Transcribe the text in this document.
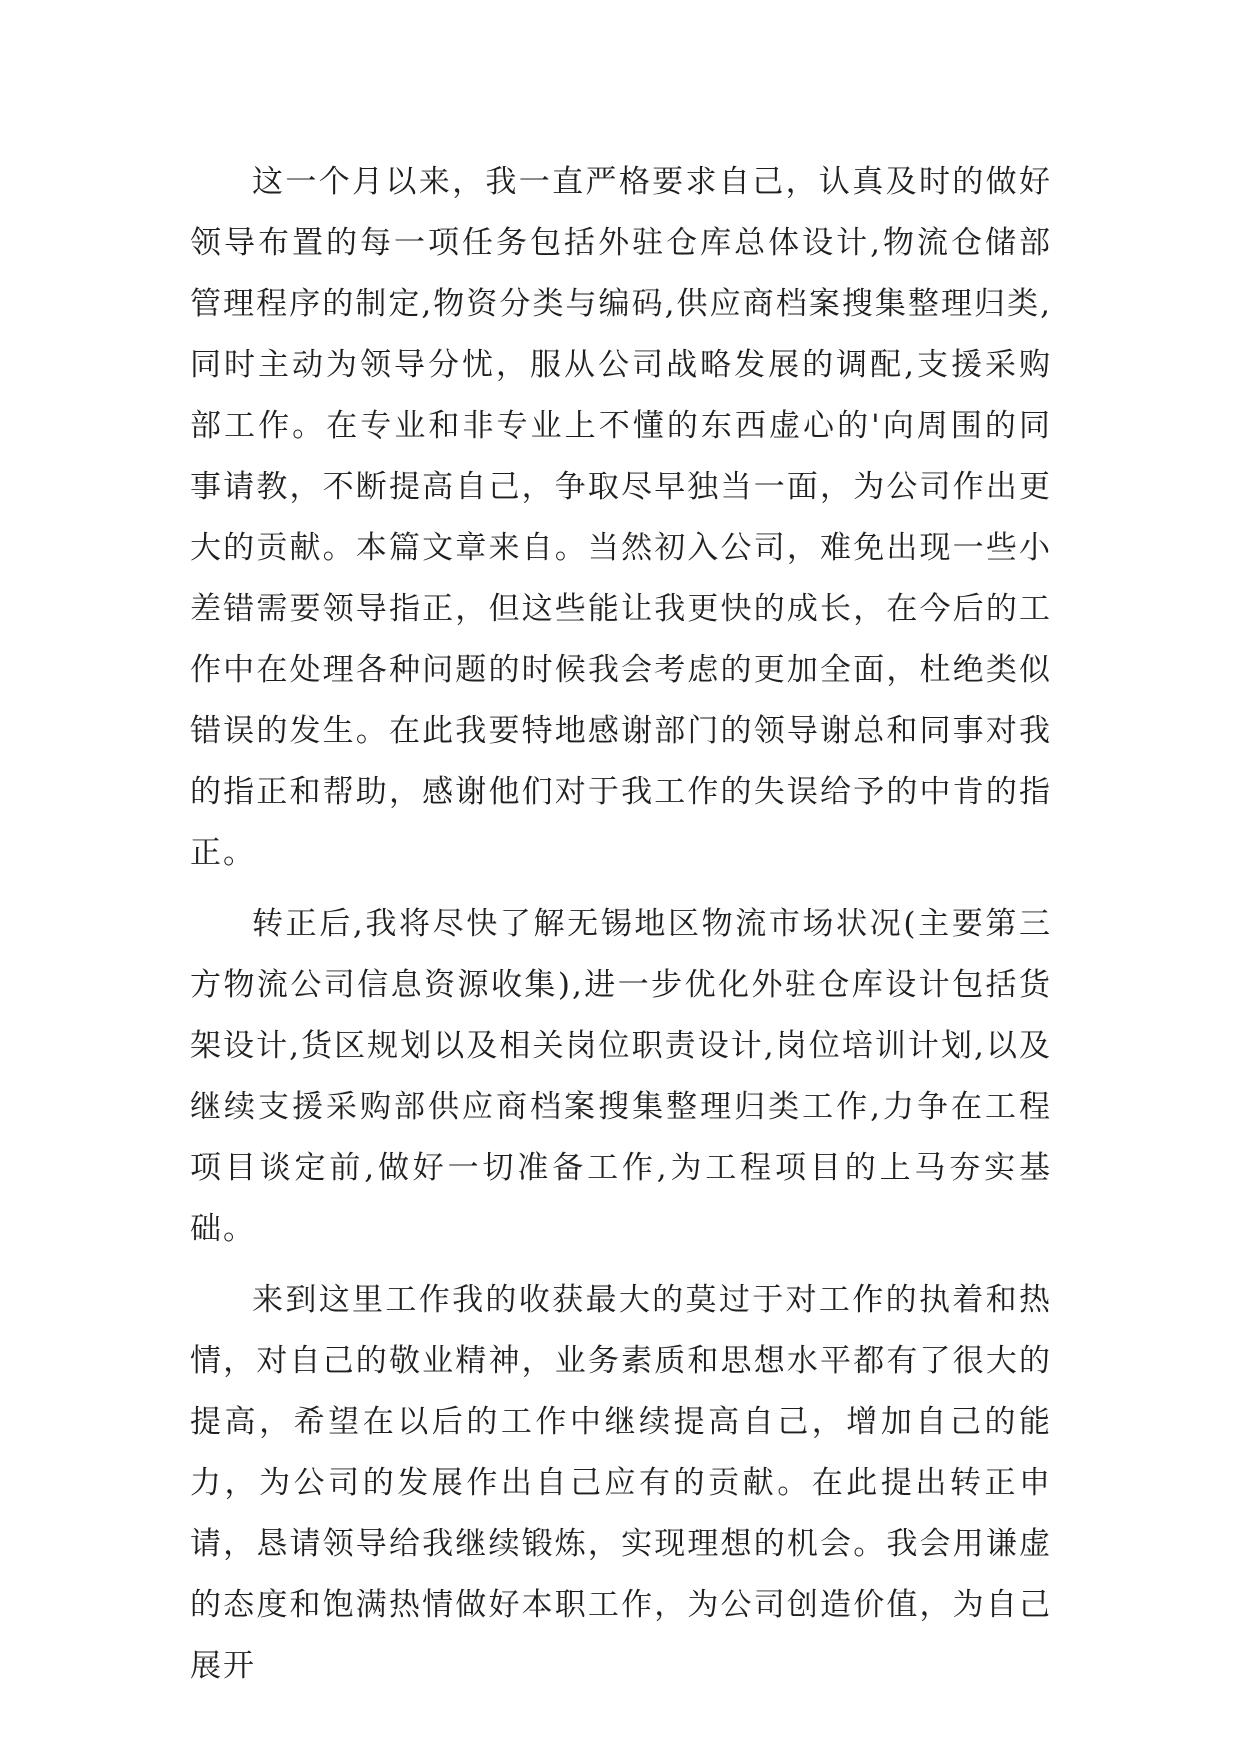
这一个月以来，我一直严格要求自己，认真及时的做好领导布置的每一项任务包括外驻仓库总体设计,物流仓储部管理程序的制定,物资分类与编码,供应商档案搜集整理归类,同时主动为领导分忧，服从公司战略发展的调配,支援采购部工作。在专业和非专业上不懂的东西虚心的'向周围的同事请教，不断提高自己，争取尽早独当一面，为公司作出更大的贡献。本篇文章来自。当然初入公司，难免出现一些小差错需要领导指正，但这些能让我更快的成长，在今后的工作中在处理各种问题的时候我会考虑的更加全面，杜绝类似错误的发生。在此我要特地感谢部门的领导谢总和同事对我的指正和帮助，感谢他们对于我工作的失误给予的中肯的指正。

转正后,我将尽快了解无锡地区物流市场状况(主要第三方物流公司信息资源收集),进一步优化外驻仓库设计包括货架设计,货区规划以及相关岗位职责设计,岗位培训计划,以及继续支援采购部供应商档案搜集整理归类工作,力争在工程项目谈定前,做好一切准备工作,为工程项目的上马夯实基础。

来到这里工作我的收获最大的莫过于对工作的执着和热情，对自己的敬业精神，业务素质和思想水平都有了很大的提高，希望在以后的工作中继续提高自己，增加自己的能力，为公司的发展作出自己应有的贡献。在此提出转正申请，恳请领导给我继续锻炼，实现理想的机会。我会用谦虚的态度和饱满热情做好本职工作，为公司创造价值，为自己展开
